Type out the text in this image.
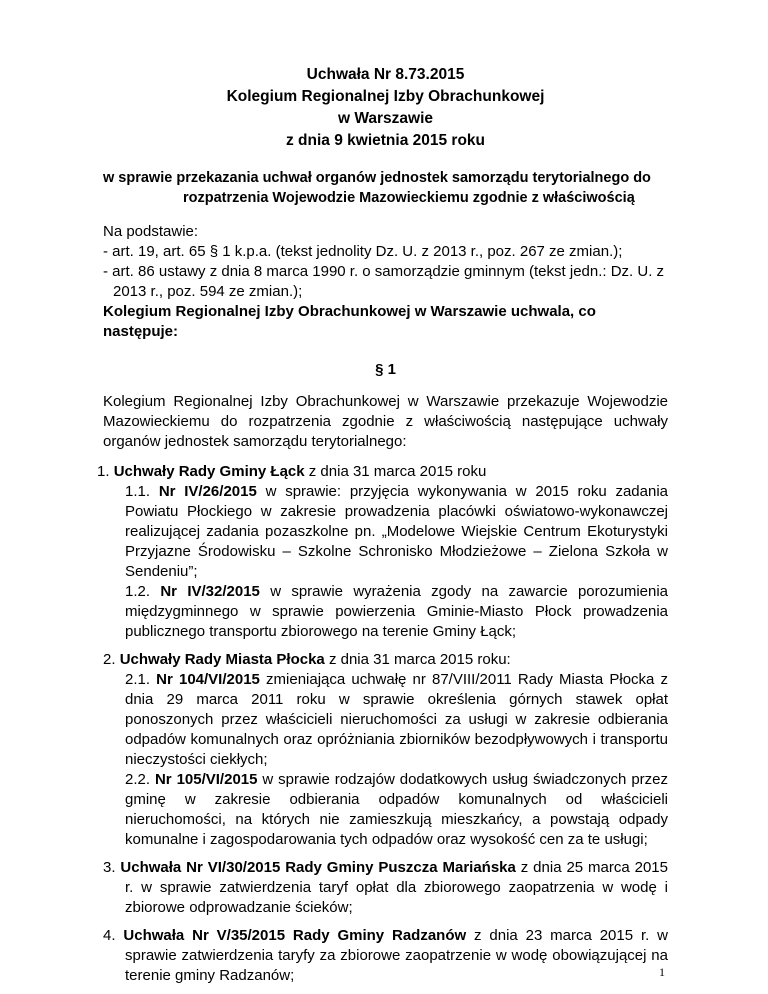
Uchwała Nr 8.73.2015
Kolegium Regionalnej Izby Obrachunkowej
w Warszawie
z dnia 9 kwietnia 2015 roku
w sprawie przekazania uchwał organów jednostek samorządu terytorialnego do
rozpatrzenia Wojewodzie Mazowieckiemu zgodnie z właściwością
Na podstawie:
- art. 19, art. 65 § 1 k.p.a. (tekst jednolity Dz. U. z 2013 r., poz. 267 ze zmian.);
- art. 86 ustawy z dnia 8 marca 1990 r. o samorządzie gminnym (tekst jedn.: Dz. U. z 2013 r., poz. 594 ze zmian.);
Kolegium Regionalnej Izby Obrachunkowej w Warszawie uchwala, co następuje:
§ 1
Kolegium Regionalnej Izby Obrachunkowej w Warszawie przekazuje Wojewodzie Mazowieckiemu do rozpatrzenia zgodnie z właściwością następujące uchwały organów jednostek samorządu terytorialnego:
1. Uchwały Rady Gminy Łąck z dnia 31 marca 2015 roku
1.1. Nr IV/26/2015 w sprawie: przyjęcia wykonywania w 2015 roku zadania Powiatu Płockiego w zakresie prowadzenia placówki oświatowo-wykonawczej realizującej zadania pozaszkolne pn. „Modelowe Wiejskie Centrum Ekoturystyki Przyjazne Środowisku – Szkolne Schronisko Młodzieżowe – Zielona Szkoła w Sendeniu”;
1.2. Nr IV/32/2015 w sprawie wyrażenia zgody na zawarcie porozumienia międzygminnego w sprawie powierzenia Gminie-Miasto Płock prowadzenia publicznego transportu zbiorowego na terenie Gminy Łąck;
2. Uchwały Rady Miasta Płocka z dnia 31 marca 2015 roku:
2.1. Nr 104/VI/2015 zmieniająca uchwałę nr 87/VIII/2011 Rady Miasta Płocka z dnia 29 marca 2011 roku w sprawie określenia górnych stawek opłat ponoszonych przez właścicieli nieruchomości za usługi w zakresie odbierania odpadów komunalnych oraz opróżniania zbiorników bezodpływowych i transportu nieczystości ciekłych;
2.2. Nr 105/VI/2015 w sprawie rodzajów dodatkowych usług świadczonych przez gminę w zakresie odbierania odpadów komunalnych od właścicieli nieruchomości, na których nie zamieszkują mieszkańcy, a powstają odpady komunalne i zagospodarowania tych odpadów oraz wysokość cen za te usługi;
3. Uchwała Nr VI/30/2015 Rady Gminy Puszcza Mariańska z dnia 25 marca 2015 r. w sprawie zatwierdzenia taryf opłat dla zbiorowego zaopatrzenia w wodę i zbiorowe odprowadzanie ścieków;
4. Uchwała Nr V/35/2015 Rady Gminy Radzanów z dnia 23 marca 2015 r. w sprawie zatwierdzenia taryfy za zbiorowe zaopatrzenie w wodę obowiązującej na terenie gminy Radzanów;	1
